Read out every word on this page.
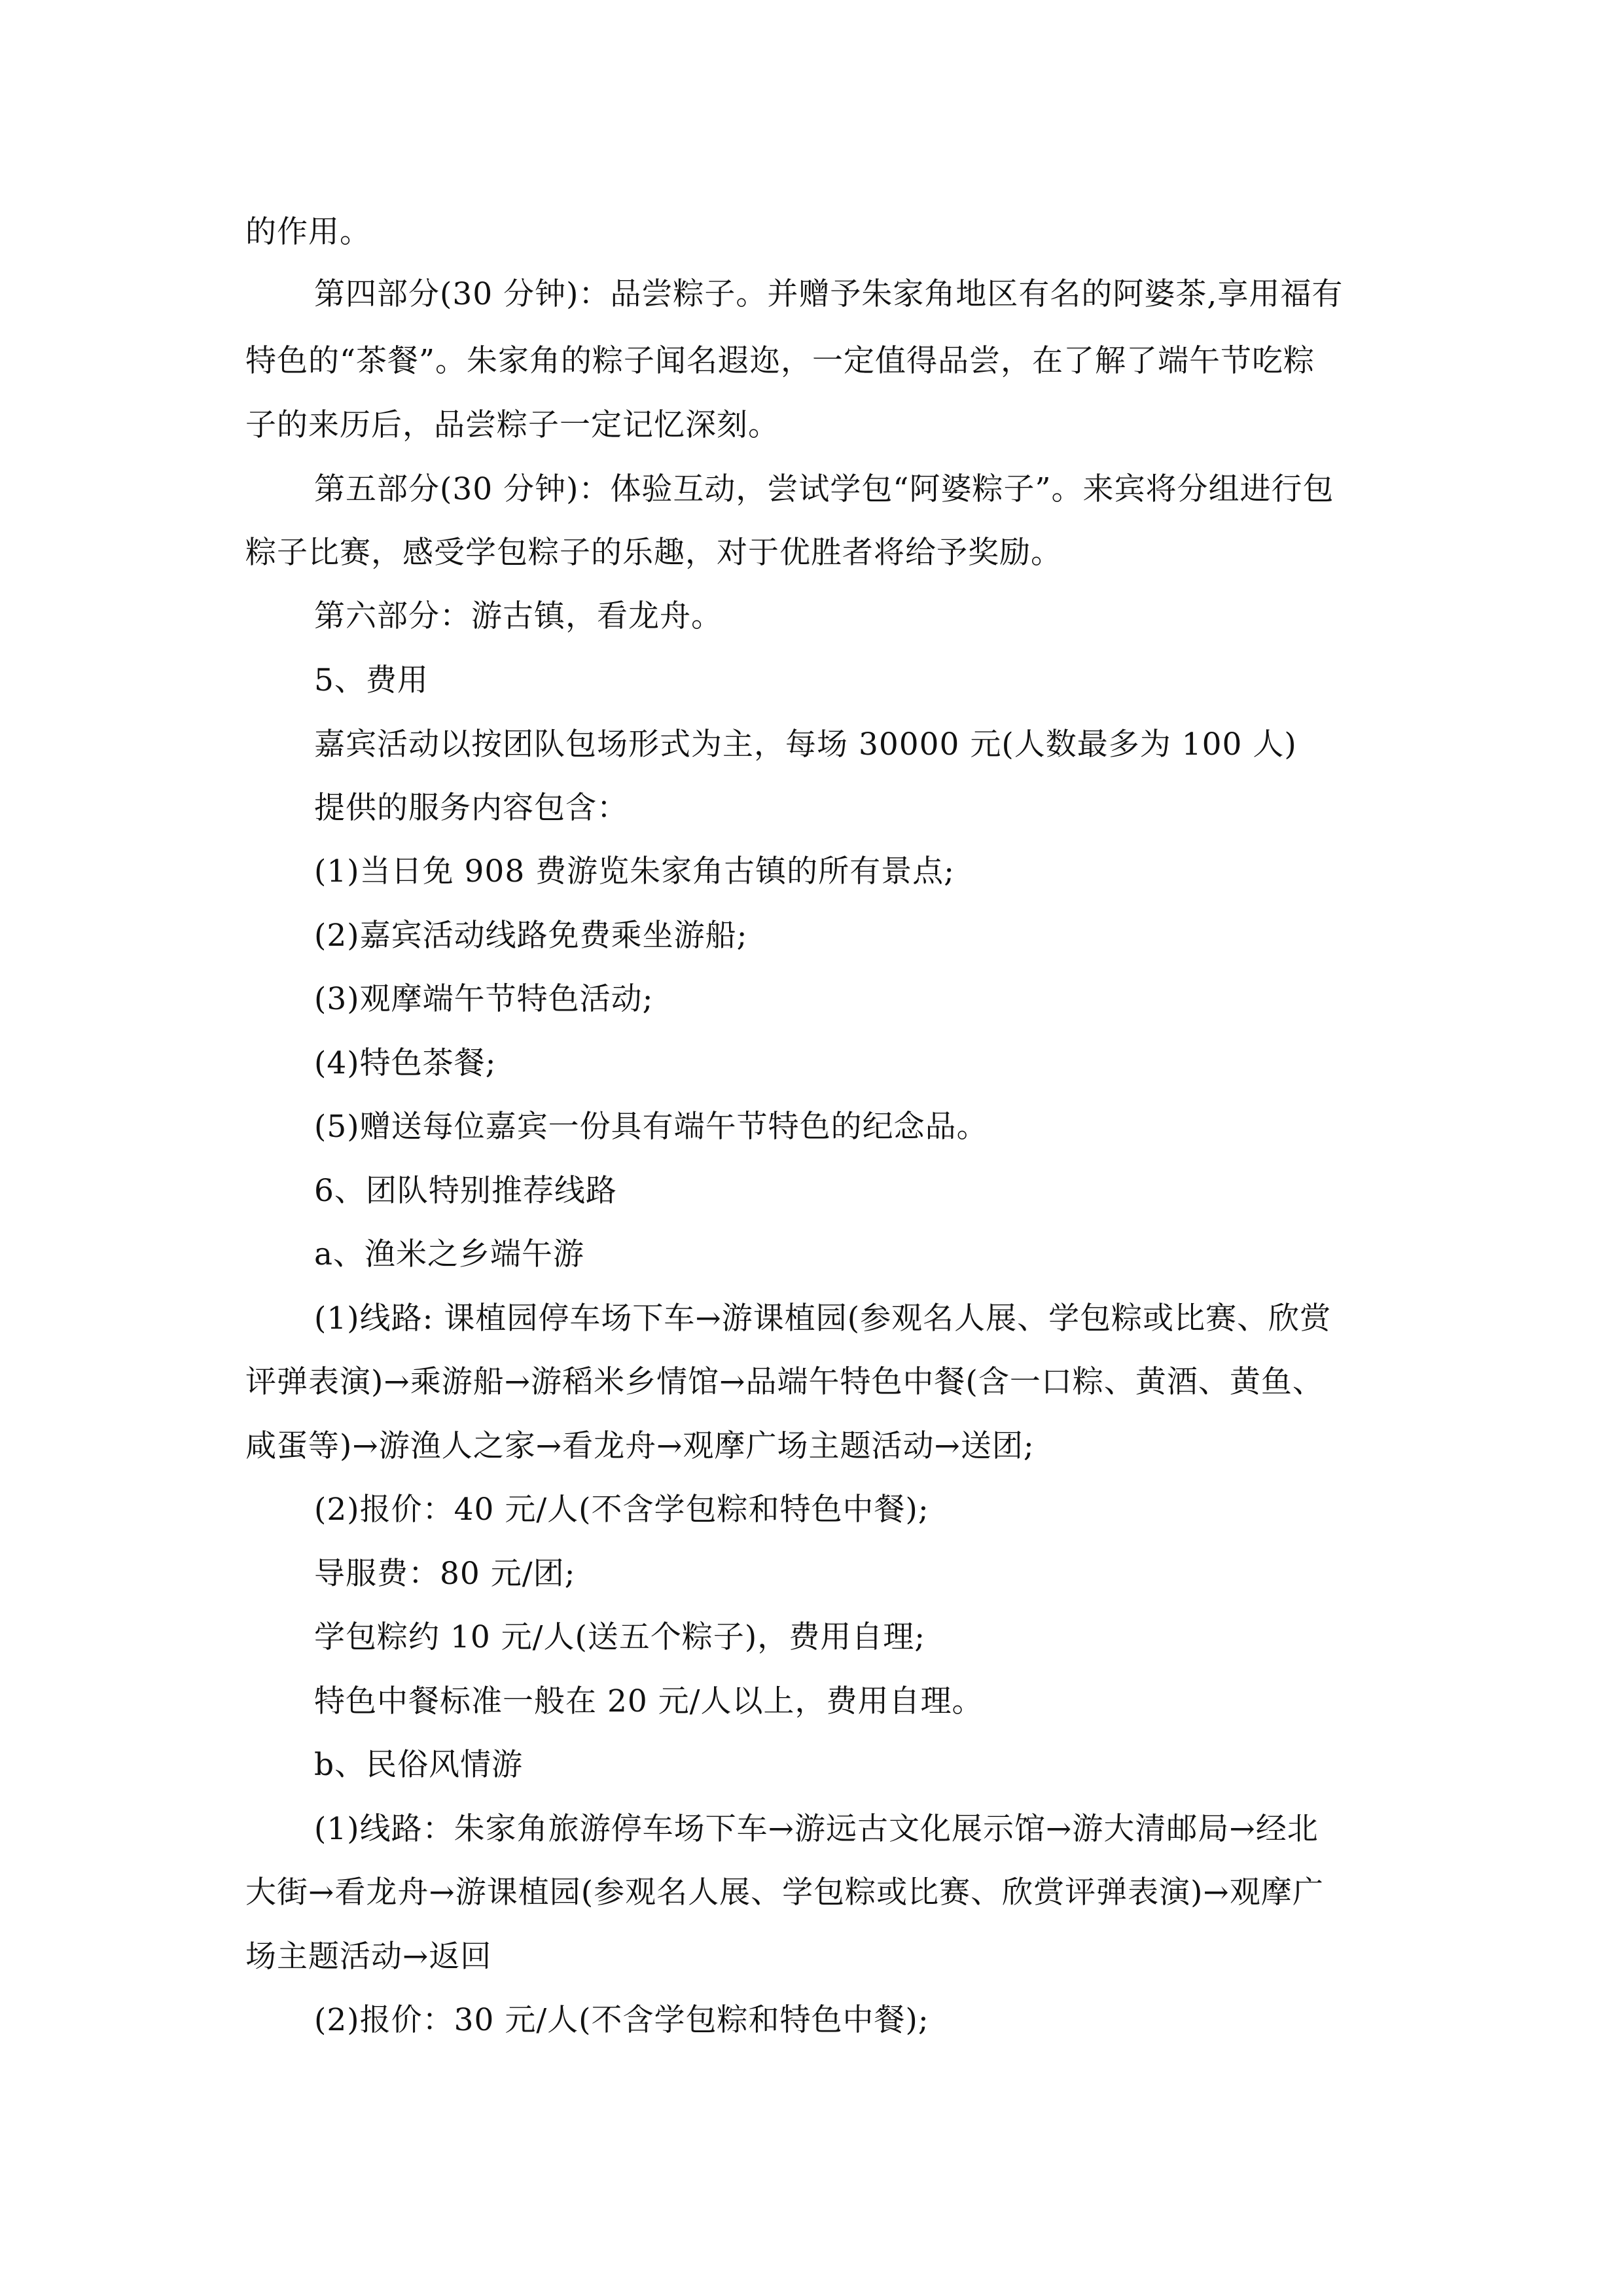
的作用。
第四部分(30 分钟)：品尝粽子。并赠予朱家角地区有名的阿婆茶,享用福有
特色的“茶餐”。朱家角的粽子闻名遐迩，一定值得品尝，在了解了端午节吃粽
子的来历后，品尝粽子一定记忆深刻。
第五部分(30 分钟)：体验互动，尝试学包“阿婆粽子”。来宾将分组进行包
粽子比赛，感受学包粽子的乐趣，对于优胜者将给予奖励。
第六部分：游古镇，看龙舟。
5、费用
嘉宾活动以按团队包场形式为主，每场 30000 元(人数最多为 100 人)
提供的服务内容包含：
(1)当日免 908 费游览朱家角古镇的所有景点;
(2)嘉宾活动线路免费乘坐游船;
(3)观摩端午节特色活动;
(4)特色茶餐;
(5)赠送每位嘉宾一份具有端午节特色的纪念品。
6、团队特别推荐线路
a、渔米之乡端午游
(1)线路: 课植园停车场下车→游课植园(参观名人展、学包粽或比赛、欣赏
评弹表演)→乘游船→游稻米乡情馆→品端午特色中餐(含一口粽、黄酒、黄鱼、
咸蛋等)→游渔人之家→看龙舟→观摩广场主题活动→送团;
(2)报价：40 元/人(不含学包粽和特色中餐);
导服费：80 元/团;
学包粽约 10 元/人(送五个粽子)，费用自理;
特色中餐标准一般在 20 元/人以上，费用自理。
b、民俗风情游
(1)线路：朱家角旅游停车场下车→游远古文化展示馆→游大清邮局→经北
大街→看龙舟→游课植园(参观名人展、学包粽或比赛、欣赏评弹表演)→观摩广
场主题活动→返回
(2)报价：30 元/人(不含学包粽和特色中餐);
